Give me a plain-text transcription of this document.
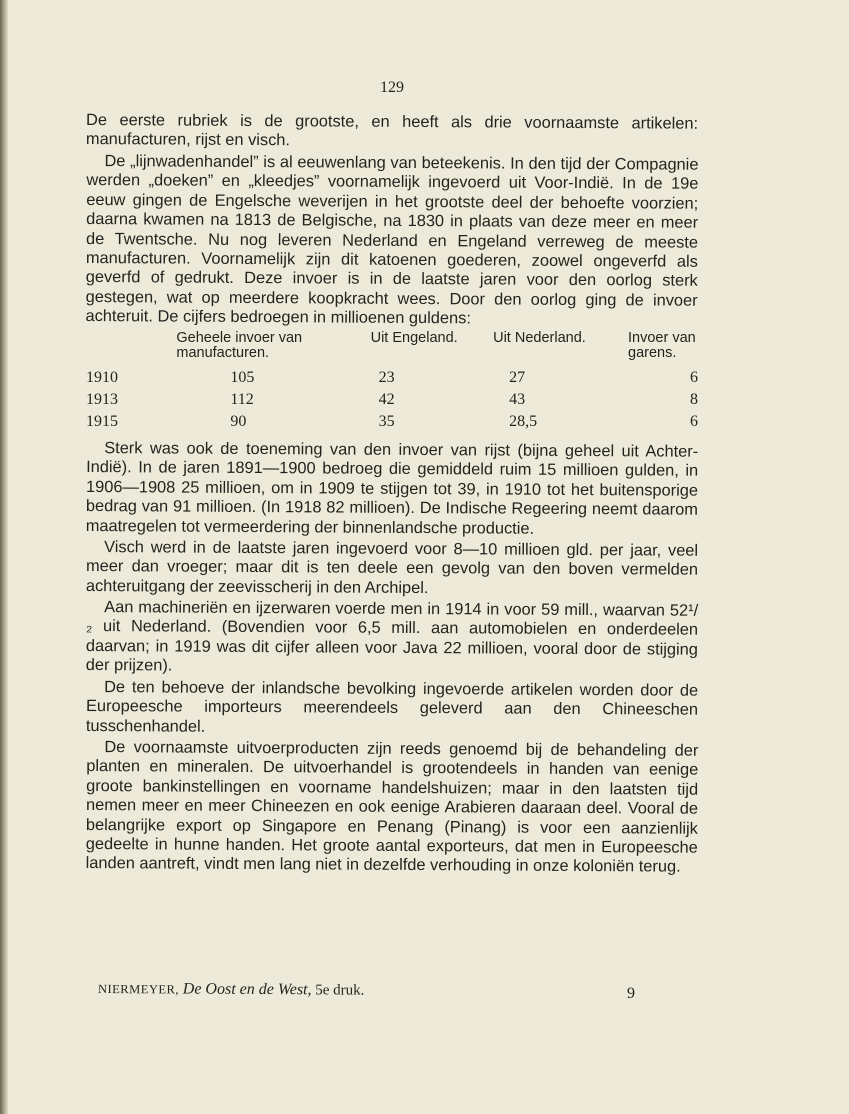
129

De eerste rubriek is de grootste, en heeft als drie voornaamste artikelen: manufacturen, rijst en visch.

De „lijnwadenhandel” is al eeuwenlang van beteekenis. In den tijd der Compagnie werden „doeken” en „kleedjes” voornamelijk ingevoerd uit Voor-Indië. In de 19e eeuw gingen de Engelsche weverijen in het grootste deel der behoefte voorzien; daarna kwamen na 1813 de Belgische, na 1830 in plaats van deze meer en meer de Twentsche. Nu nog leveren Nederland en Engeland verreweg de meeste manufacturen. Voornamelijk zijn dit katoenen goederen, zoowel ongeverfd als geverfd of gedrukt. Deze invoer is in de laatste jaren voor den oorlog sterk gestegen, wat op meerdere koopkracht wees. Door den oorlog ging de invoer achteruit. De cijfers bedroegen in millioenen guldens:

	Geheele invoer van manufacturen.	Uit Engeland.	Uit Nederland.	Invoer van garens.
1910	105	23	27	6
1913	112	42	43	8
1915	90	35	28,5	6

Sterk was ook de toeneming van den invoer van rijst (bijna geheel uit Achter-Indië). In de jaren 1891—1900 bedroeg die gemiddeld ruim 15 millioen gulden, in 1906—1908 25 millioen, om in 1909 te stijgen tot 39, in 1910 tot het buitensporige bedrag van 91 millioen. (In 1918 82 millioen). De Indische Regeering neemt daarom maatregelen tot vermeerdering der binnenlandsche productie.

Visch werd in de laatste jaren ingevoerd voor 8—10 millioen gld. per jaar, veel meer dan vroeger; maar dit is ten deele een gevolg van den boven vermelden achteruitgang der zeevisscherij in den Archipel.

Aan machineriën en ijzerwaren voerde men in 1914 in voor 59 mill., waarvan 52¹/₂ uit Nederland. (Bovendien voor 6,5 mill. aan automobielen en onderdeelen daarvan; in 1919 was dit cijfer alleen voor Java 22 millioen, vooral door de stijging der prijzen).

De ten behoeve der inlandsche bevolking ingevoerde artikelen worden door de Europeesche importeurs meerendeels geleverd aan den Chineeschen tusschenhandel.

De voornaamste uitvoerproducten zijn reeds genoemd bij de behandeling der planten en mineralen. De uitvoerhandel is grootendeels in handen van eenige groote bankinstellingen en voorname handelshuizen; maar in den laatsten tijd nemen meer en meer Chineezen en ook eenige Arabieren daaraan deel. Vooral de belangrijke export op Singapore en Penang (Pinang) is voor een aanzienlijk gedeelte in hunne handen. Het groote aantal exporteurs, dat men in Europeesche landen aantreft, vindt men lang niet in dezelfde verhouding in onze koloniën terug.

NIERMEYER, De Oost en de West, 5e druk.	9
